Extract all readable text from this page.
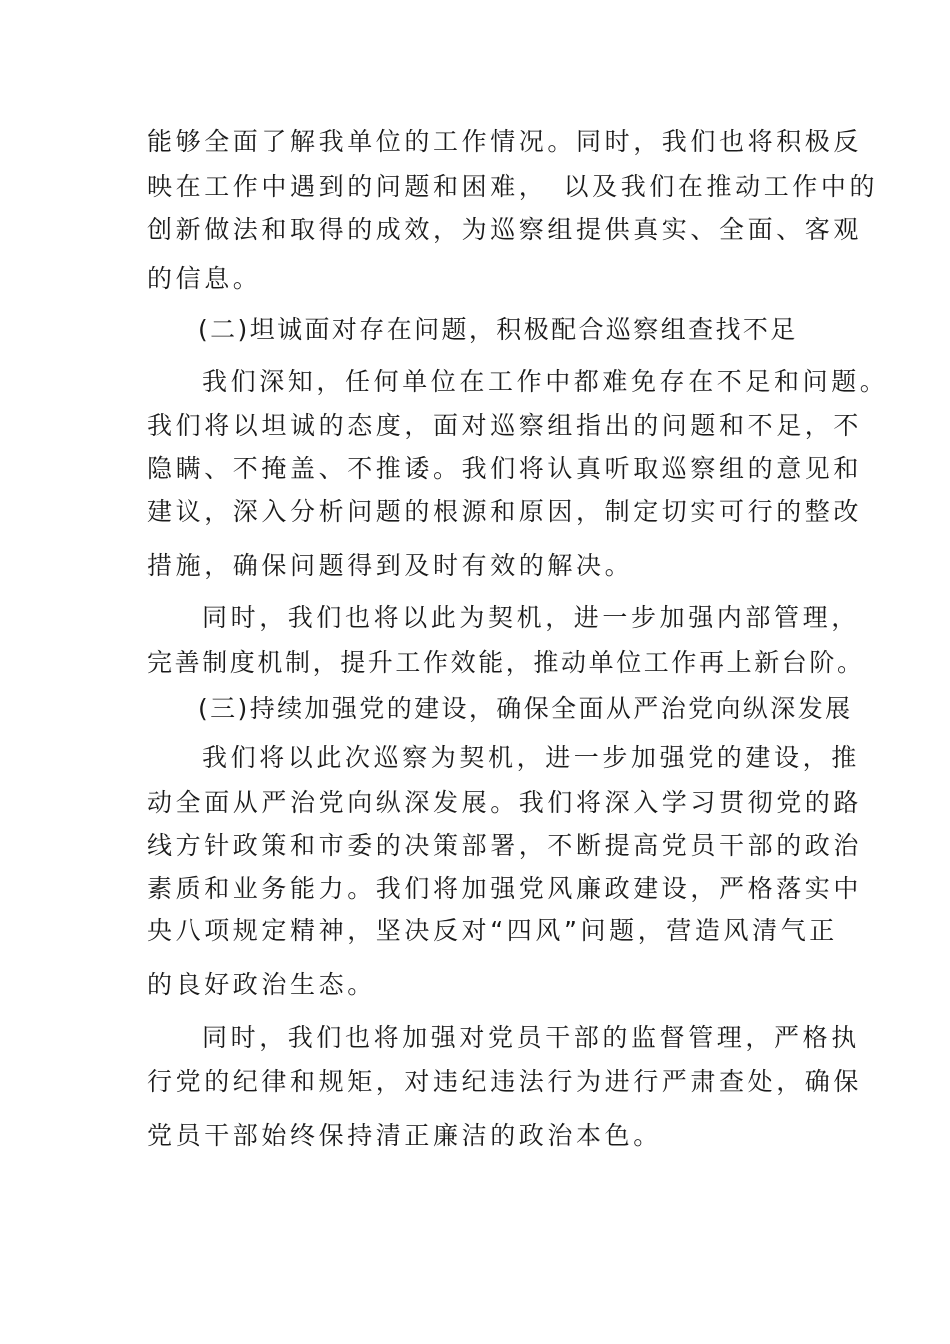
能够全面了解我单位的工作情况。同时，我们也将积极反
映在工作中遇到的问题和困难，　以及我们在推动工作中的
创新做法和取得的成效，为巡察组提供真实、全面、客观
的信息。
(二)坦诚面对存在问题，积极配合巡察组查找不足
我们深知，任何单位在工作中都难免存在不足和问题。
我们将以坦诚的态度，面对巡察组指出的问题和不足，不
隐瞒、不掩盖、不推诿。我们将认真听取巡察组的意见和
建议，深入分析问题的根源和原因，制定切实可行的整改
措施，确保问题得到及时有效的解决。
同时，我们也将以此为契机，进一步加强内部管理，
完善制度机制，提升工作效能，推动单位工作再上新台阶。
(三)持续加强党的建设，确保全面从严治党向纵深发展
我们将以此次巡察为契机，进一步加强党的建设，推
动全面从严治党向纵深发展。我们将深入学习贯彻党的路
线方针政策和市委的决策部署，不断提高党员干部的政治
素质和业务能力。我们将加强党风廉政建设，严格落实中
央八项规定精神，坚决反对“四风”问题，营造风清气正
的良好政治生态。
同时，我们也将加强对党员干部的监督管理，严格执
行党的纪律和规矩，对违纪违法行为进行严肃查处，确保
党员干部始终保持清正廉洁的政治本色。
